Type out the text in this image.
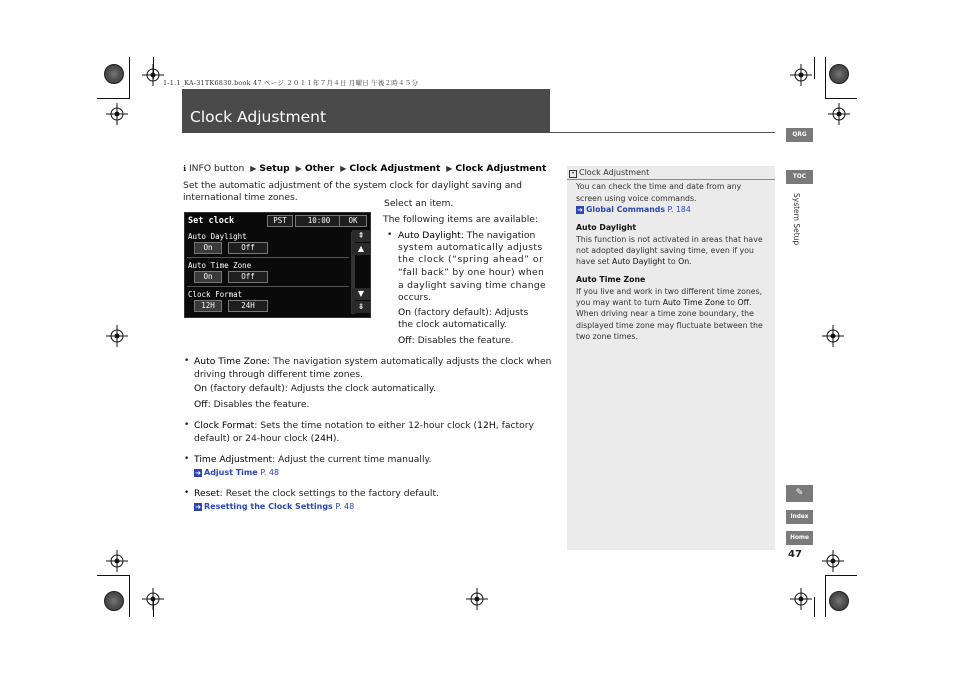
1-1.1_KA-31TK6830.book 47 ページ ２０１１年７月４日 月曜日 午後２時４５分
Clock Adjustment
QRG
TOC
System Setup
✎
Index
Home
47
ℹ INFO button ▶ Setup ▶ Other ▶ Clock Adjustment ▶ Clock Adjustment
Set the automatic adjustment of the system clock for daylight saving and
international time zones.
Set clock	PST	10:00	OK
Auto Daylight
On	Off
Auto Time Zone
On	Off
Clock Format
12H	24H
⇞
▲
▼
⇟
Select an item.
The following items are available:
• Auto Daylight: The navigation
system automatically adjusts
the clock (“spring ahead” or
“fall back” by one hour) when
a daylight saving time change
occurs.
On (factory default): Adjusts
the clock automatically.
Off: Disables the feature.
• Auto Time Zone: The navigation system automatically adjusts the clock when
driving through different time zones.
On (factory default): Adjusts the clock automatically.
Off: Disables the feature.
• Clock Format: Sets the time notation to either 12-hour clock (12H, factory
default) or 24-hour clock (24H).
• Time Adjustment: Adjust the current time manually.
➜ Adjust Time P. 48
• Reset: Reset the clock settings to the factory default.
➜ Resetting the Clock Settings P. 48
• Clock Adjustment
You can check the time and date from any
screen using voice commands.
➜ Global Commands P. 184
Auto Daylight
This function is not activated in areas that have
not adopted daylight saving time, even if you
have set Auto Daylight to On.
Auto Time Zone
If you live and work in two different time zones,
you may want to turn Auto Time Zone to Off.
When driving near a time zone boundary, the
displayed time zone may fluctuate between the
two zone times.
